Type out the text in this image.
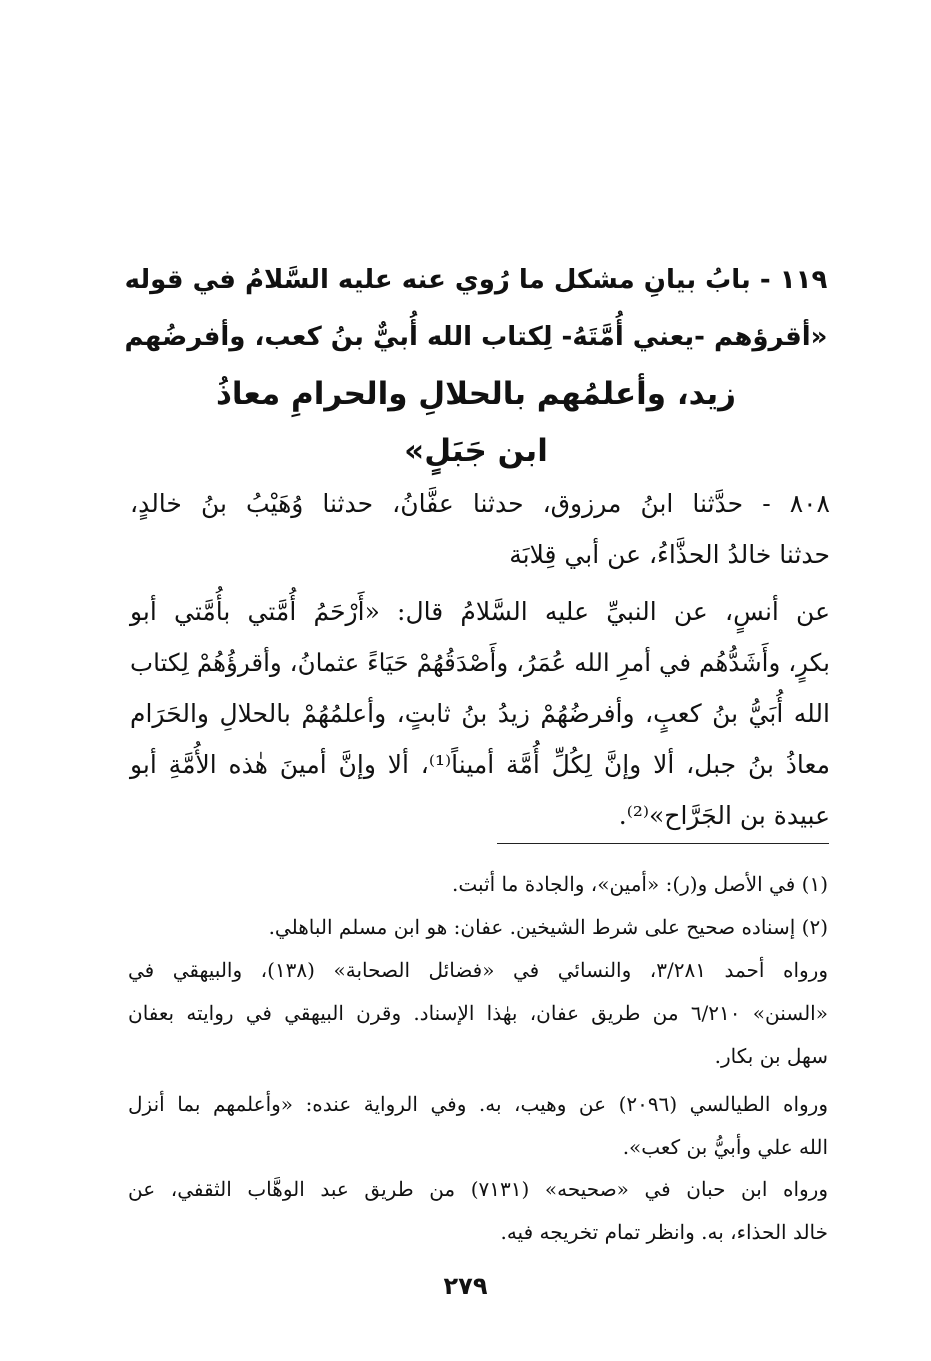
١١٩ - بابُ بيانِ مشكل ما رُوي عنه عليه السَّلامُ في قوله
«أقرؤهم -يعني أُمَّتَهُ- لِكتاب الله أُبيٌّ بنُ كعب، وأفرضُهم
زيد، وأعلمُهم بالحلالِ والحرامِ معاذُ
ابن جَبَلٍ»
٨٠٨ - حدَّثنا ابنُ مرزوق، حدثنا عفَّانُ، حدثنا وُهَيْبُ بنُ خالدٍ،
حدثنا خالدُ الحذَّاءُ، عن أبي قِلابَة
عن أنسٍ، عن النبيِّ عليه السَّلامُ قال: «أَرْحَمُ أُمَّتي بأُمَّتي أبو
بكرٍ، وأَشَدُّهُم في أمرِ الله عُمَرُ، وأَصْدَقُهُمْ حَيَاءً عثمانُ، وأقرؤُهُمْ لِكتاب
الله أُبَيُّ بنُ كعبٍ، وأفرضُهُمْ زيدُ بنُ ثابتٍ، وأعلمُهُمْ بالحلالِ والحَرَام
معاذُ بنُ جبل، ألا وإنَّ لِكُلِّ أُمَّة أميناً⁽¹⁾، ألا وإنَّ أمينَ هٰذه الأُمَّةِ أبو
عبيدة بن الجَرَّاح»⁽²⁾.
(١) في الأصل و(ر): «أمين»، والجادة ما أثبت.
(٢) إسناده صحيح على شرط الشيخين. عفان: هو ابن مسلم الباهلي.
ورواه أحمد ٣/٢٨١، والنسائي في «فضائل الصحابة» (١٣٨)، والبيهقي في
«السنن» ٦/٢١٠ من طريق عفان، بهٰذا الإسناد. وقرن البيهقي في روايته بعفان
سهل بن بكار.
ورواه الطيالسي (٢٠٩٦) عن وهيب، به. وفي الرواية عنده: «وأعلمهم بما أنزل
الله علي وأبيُّ بن كعب».
ورواه ابن حبان في «صحيحه» (٧١٣١) من طريق عبد الوهَّاب الثقفي، عن
خالد الحذاء، به. وانظر تمام تخريجه فيه.
٢٧٩
